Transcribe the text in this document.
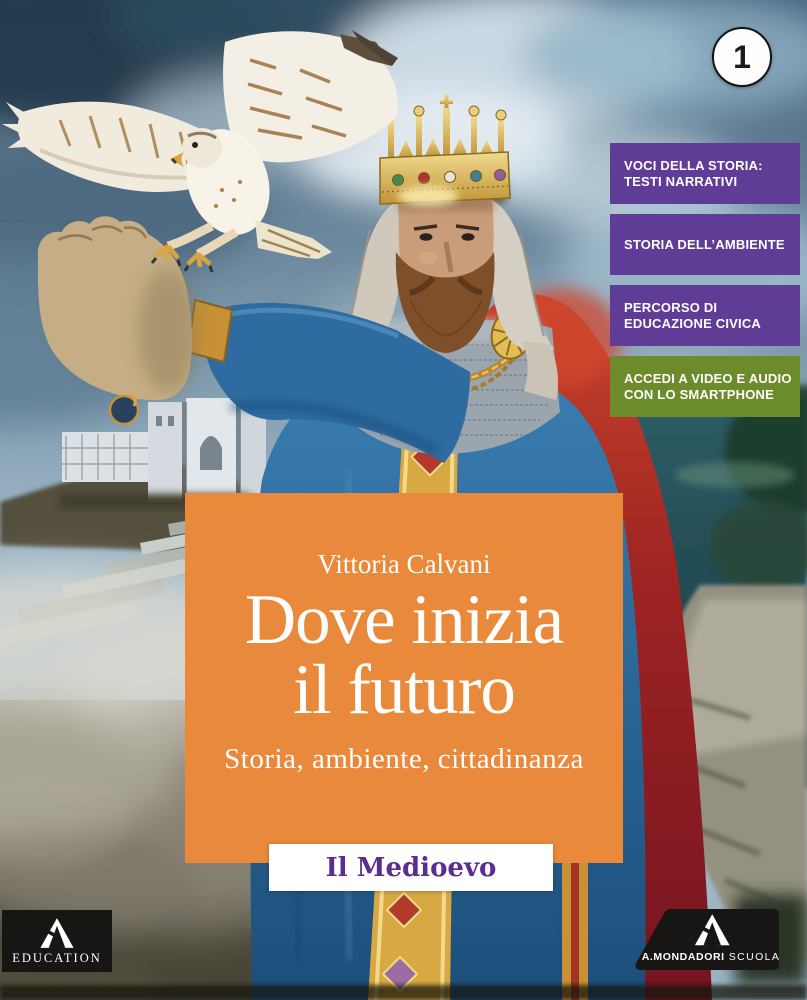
1
VOCI DELLA STORIA:
TESTI NARRATIVI
STORIA DELL’AMBIENTE
PERCORSO DI
EDUCAZIONE CIVICA
ACCEDI A VIDEO E AUDIO
CON LO SMARTPHONE
Vittoria Calvani
Dove inizia
il futuro
Storia, ambiente, cittadinanza
Il Medioevo
EDUCATION	A.MONDADORI SCUOLA
